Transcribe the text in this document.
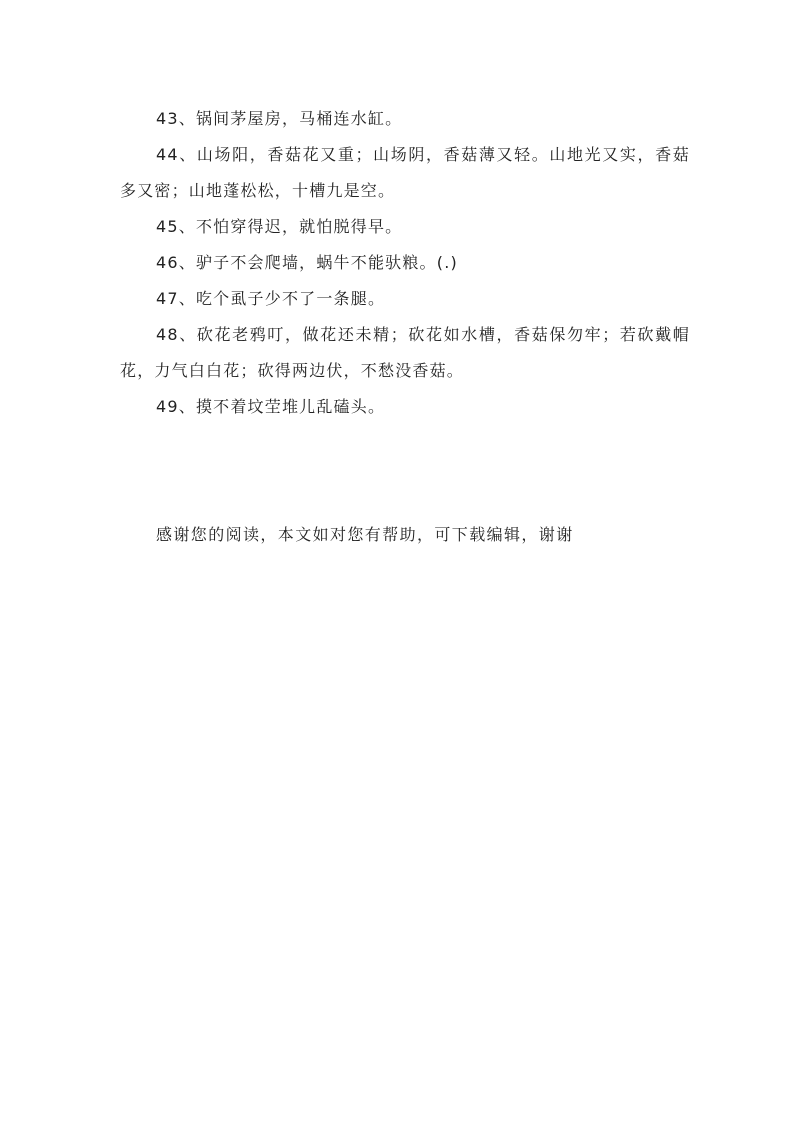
43、锅间茅屋房，马桶连水缸。

44、山场阳，香菇花又重；山场阴，香菇薄又轻。山地光又实，香菇多又密；山地蓬松松，十槽九是空。

45、不怕穿得迟，就怕脱得早。

46、驴子不会爬墙，蜗牛不能驮粮。(.)

47、吃个虱子少不了一条腿。

48、砍花老鸦叮，做花还未精；砍花如水槽，香菇保勿牢；若砍戴帽花，力气白白花；砍得两边伏，不愁没香菇。

49、摸不着坟茔堆儿乱磕头。

感谢您的阅读，本文如对您有帮助，可下载编辑，谢谢
